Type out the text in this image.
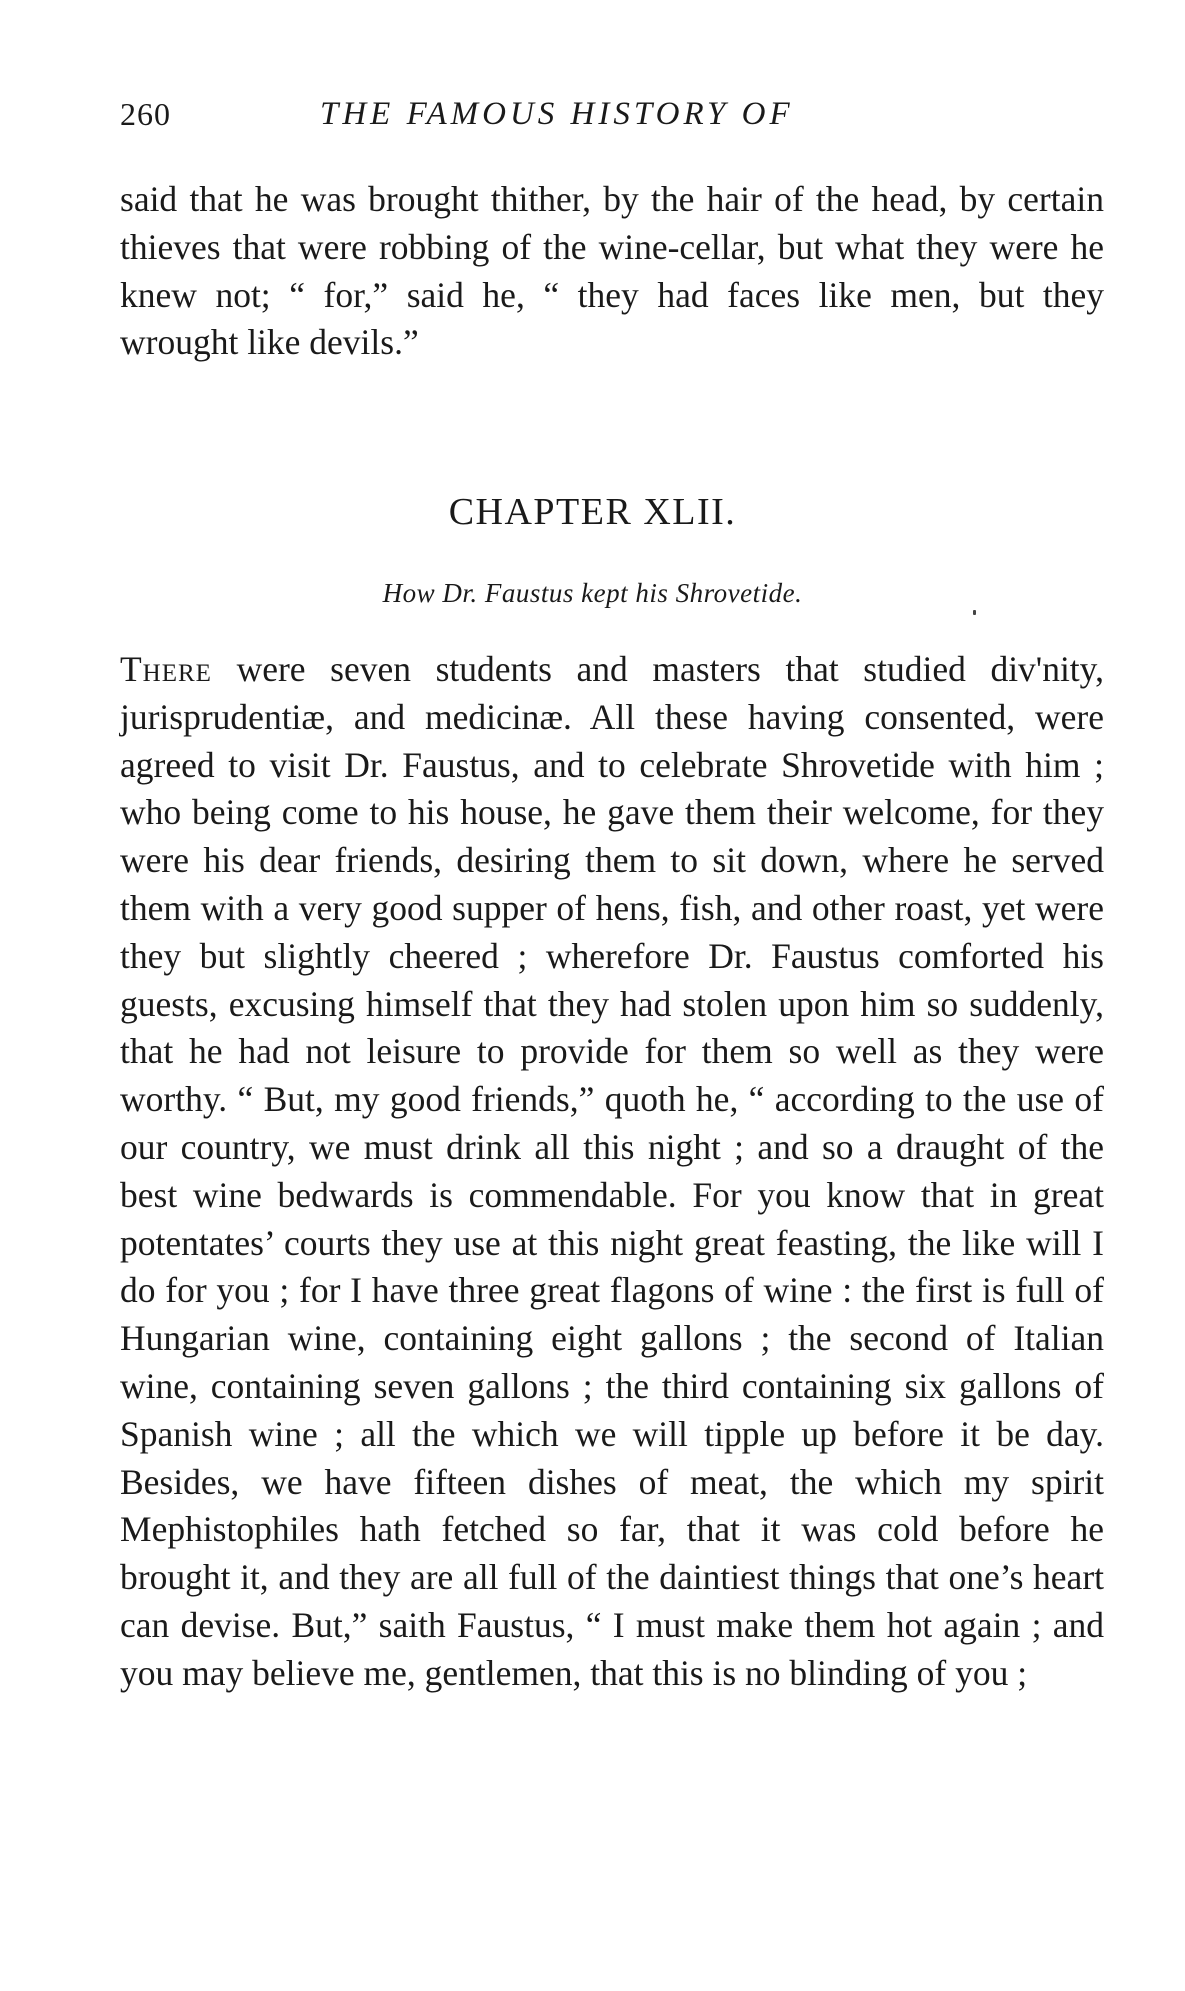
260	THE FAMOUS HISTORY OF

said that he was brought thither, by the hair of the head, by certain thieves that were robbing of the wine-cellar, but what they were he knew not; “ for,” said he, “ they had faces like men, but they wrought like devils.”

CHAPTER XLII.
How Dr. Faustus kept his Shrovetide.

There were seven students and masters that studied div'nity, jurisprudentiæ, and medicinæ. All these having consented, were agreed to visit Dr. Faustus, and to celebrate Shrovetide with him ; who being come to his house, he gave them their welcome, for they were his dear friends, desiring them to sit down, where he served them with a very good supper of hens, fish, and other roast, yet were they but slightly cheered ; wherefore Dr. Faustus comforted his guests, excusing himself that they had stolen upon him so suddenly, that he had not leisure to provide for them so well as they were worthy. “ But, my good friends,” quoth he, “ according to the use of our country, we must drink all this night ; and so a draught of the best wine bedwards is commendable. For you know that in great potentates’ courts they use at this night great feasting, the like will I do for you ; for I have three great flagons of wine : the first is full of Hungarian wine, containing eight gallons ; the second of Italian wine, containing seven gallons ; the third containing six gallons of Spanish wine ; all the which we will tipple up before it be day. Besides, we have fifteen dishes of meat, the which my spirit Mephistophiles hath fetched so far, that it was cold before he brought it, and they are all full of the daintiest things that one’s heart can devise. But,” saith Faustus, “ I must make them hot again ; and you may believe me, gentlemen, that this is no blinding of you ;
